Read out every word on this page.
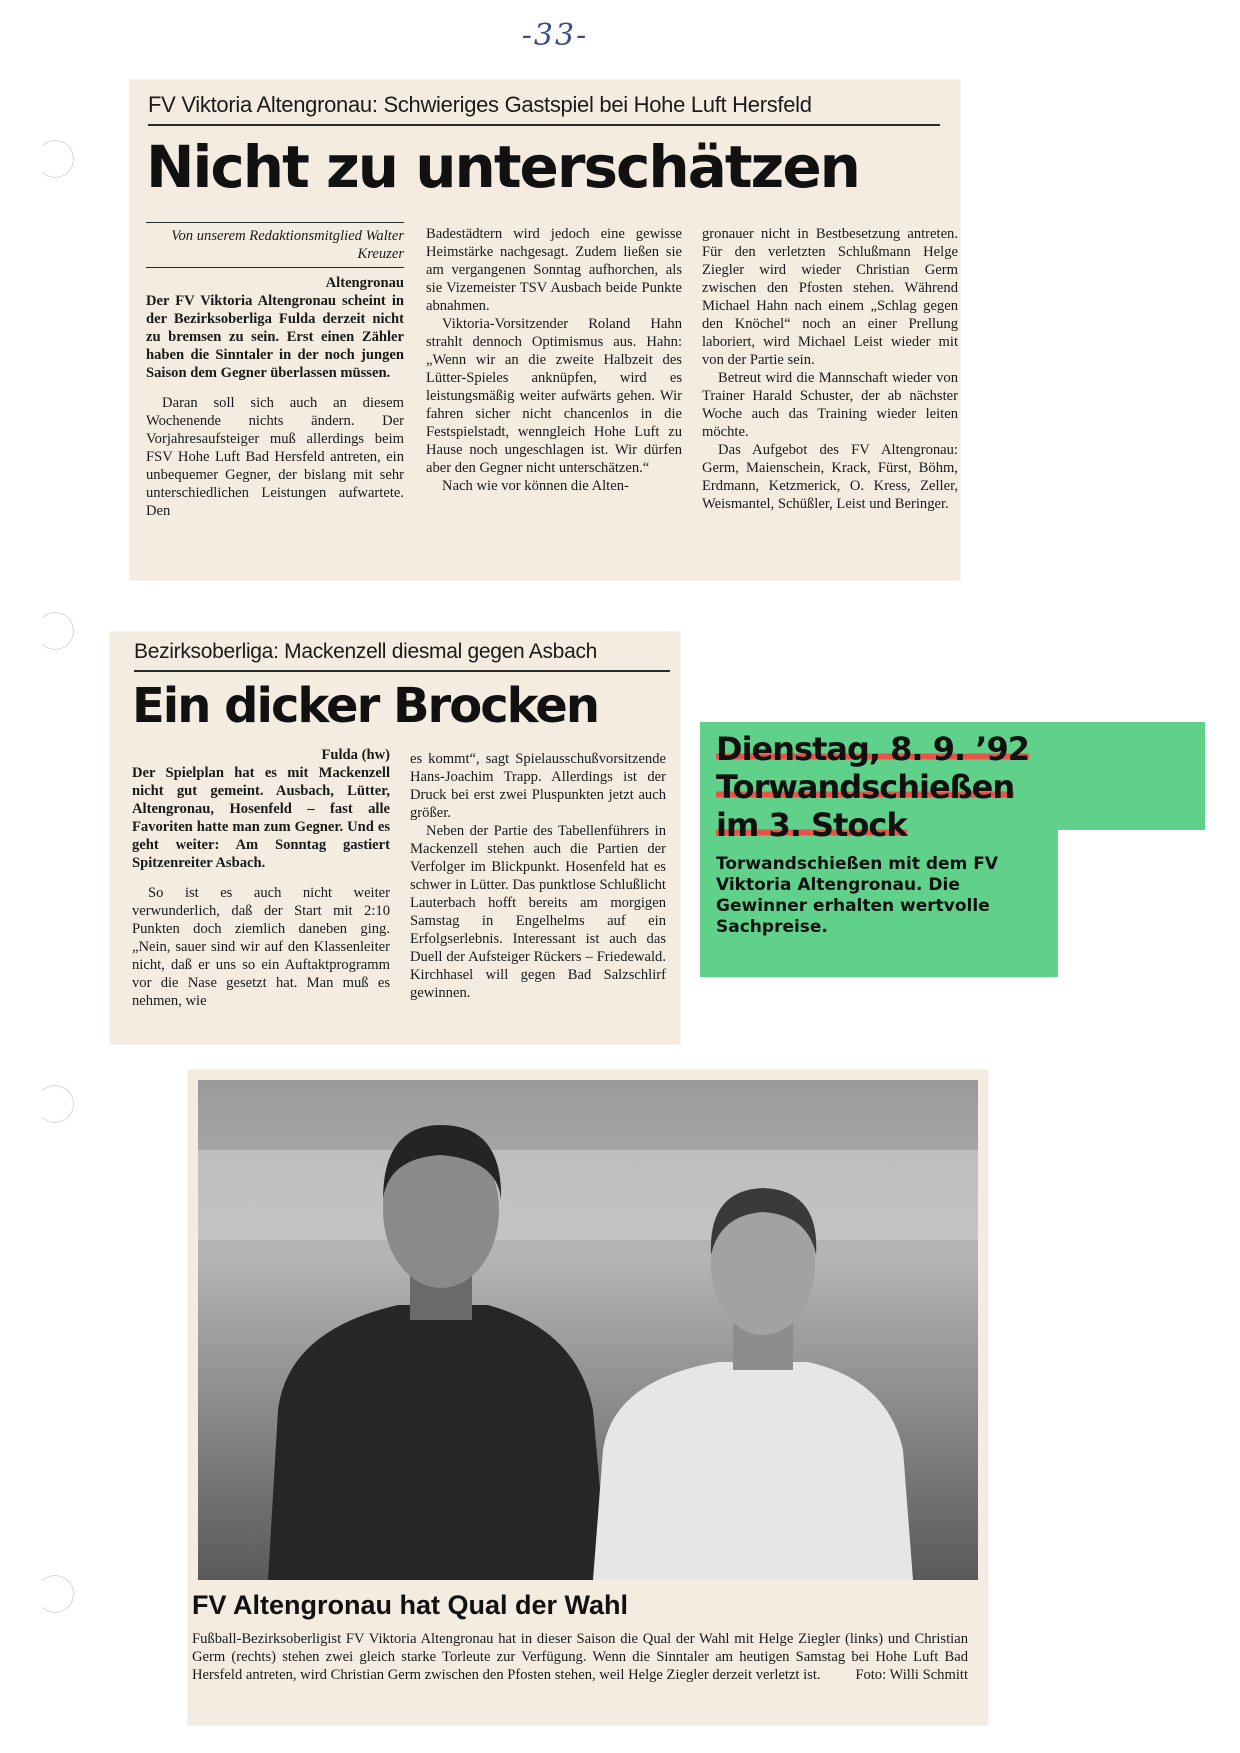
-33-
FV Viktoria Altengronau: Schwieriges Gastspiel bei Hohe Luft Hersfeld
Nicht zu unterschätzen
Von unserem Redaktionsmitglied Walter Kreuzer
Altengronau

Der FV Viktoria Altengronau scheint in der Bezirksoberliga Fulda derzeit nicht zu bremsen zu sein. Erst einen Zähler haben die Sinntaler in der noch jungen Saison dem Gegner überlassen müssen.

Daran soll sich auch an diesem Wochenende nichts ändern. Der Vorjahresaufsteiger muß allerdings beim FSV Hohe Luft Bad Hersfeld antreten, ein unbequemer Gegner, der bislang mit sehr unterschiedlichen Leistungen aufwartete. Den

Badestädtern wird jedoch eine gewisse Heimstärke nachgesagt. Zudem ließen sie am vergangenen Sonntag aufhorchen, als sie Vizemeister TSV Ausbach beide Punkte abnahmen.

Viktoria-Vorsitzender Roland Hahn strahlt dennoch Optimismus aus. Hahn: „Wenn wir an die zweite Halbzeit des Lütter-Spieles anknüpfen, wird es leistungsmäßig weiter aufwärts gehen. Wir fahren sicher nicht chancenlos in die Festspielstadt, wenngleich Hohe Luft zu Hause noch ungeschlagen ist. Wir dürfen aber den Gegner nicht unterschätzen.“

Nach wie vor können die Alten-

gronauer nicht in Bestbesetzung antreten. Für den verletzten Schlußmann Helge Ziegler wird wieder Christian Germ zwischen den Pfosten stehen. Während Michael Hahn nach einem „Schlag gegen den Knöchel“ noch an einer Prellung laboriert, wird Michael Leist wieder mit von der Partie sein.

Betreut wird die Mannschaft wieder von Trainer Harald Schuster, der ab nächster Woche auch das Training wieder leiten möchte.

Das Aufgebot des FV Altengronau: Germ, Maienschein, Krack, Fürst, Böhm, Erdmann, Ketzmerick, O. Kress, Zeller, Weismantel, Schüßler, Leist und Beringer.

Bezirksoberliga: Mackenzell diesmal gegen Asbach
Ein dicker Brocken
Fulda (hw)

Der Spielplan hat es mit Mackenzell nicht gut gemeint. Ausbach, Lütter, Altengronau, Hosenfeld – fast alle Favoriten hatte man zum Gegner. Und es geht weiter: Am Sonntag gastiert Spitzenreiter Asbach.

So ist es auch nicht weiter verwunderlich, daß der Start mit 2:10 Punkten doch ziemlich daneben ging. „Nein, sauer sind wir auf den Klassenleiter nicht, daß er uns so ein Auftaktprogramm vor die Nase gesetzt hat. Man muß es nehmen, wie

es kommt“, sagt Spielausschußvorsitzende Hans-Joachim Trapp. Allerdings ist der Druck bei erst zwei Pluspunkten jetzt auch größer.

Neben der Partie des Tabellenführers in Mackenzell stehen auch die Partien der Verfolger im Blickpunkt. Hosenfeld hat es schwer in Lütter. Das punktlose Schlußlicht Lauterbach hofft bereits am morgigen Samstag in Engelhelms auf ein Erfolgserlebnis. Interessant ist auch das Duell der Aufsteiger Rückers – Friedewald. Kirchhasel will gegen Bad Salzschlirf gewinnen.

Dienstag, 8. 9. ’92
Torwandschießen
im 3. Stock
Torwandschießen mit dem FV Viktoria Altengronau. Die Gewinner erhalten wertvolle Sachpreise.
FV Altengronau hat Qual der Wahl
Fußball-Bezirksoberligist FV Viktoria Altengronau hat in dieser Saison die Qual der Wahl mit Helge Ziegler (links) und Christian Germ (rechts) stehen zwei gleich starke Torleute zur Verfügung. Wenn die Sinntaler am heutigen Samstag bei Hohe Luft Bad Hersfeld antreten, wird Christian Germ zwischen den Pfosten stehen, weil Helge Ziegler derzeit verletzt ist. Foto: Willi Schmitt
